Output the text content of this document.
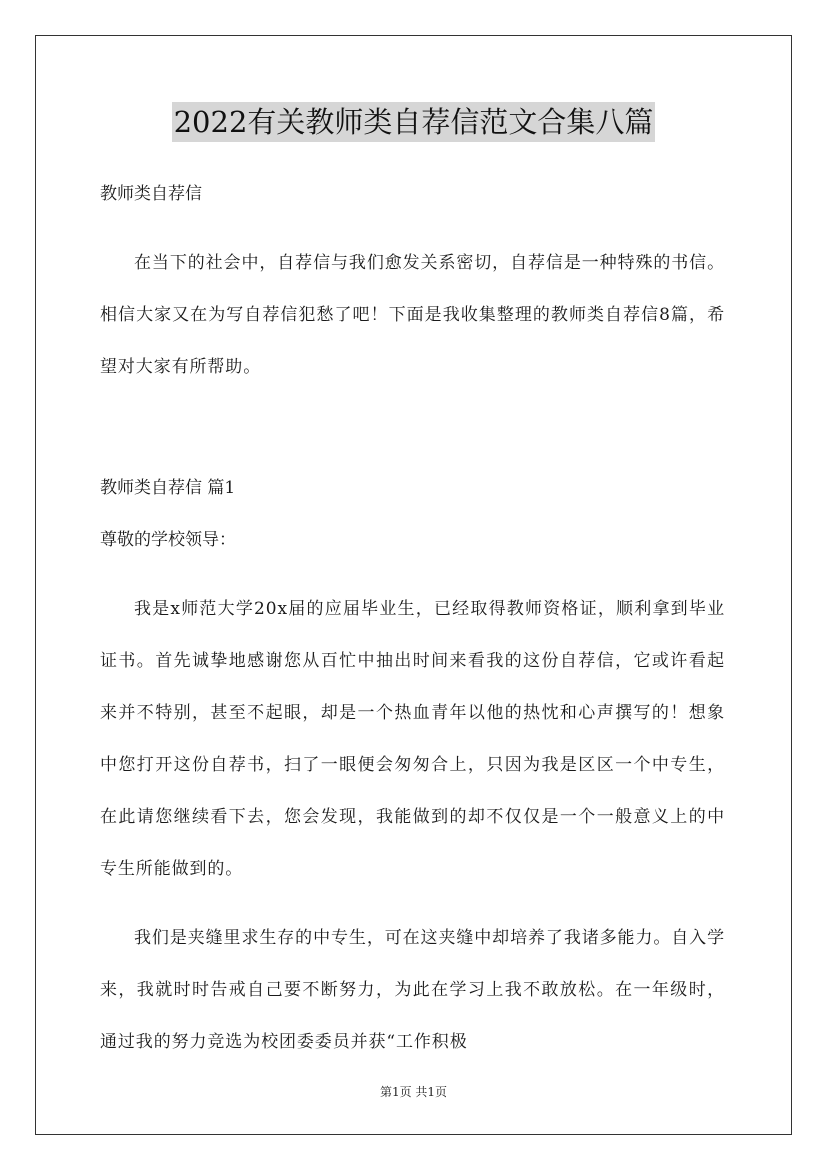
2022有关教师类自荐信范文合集八篇

教师类自荐信

在当下的社会中，自荐信与我们愈发关系密切，自荐信是一种特殊的书信。相信大家又在为写自荐信犯愁了吧！下面是我收集整理的教师类自荐信8篇，希望对大家有所帮助。

教师类自荐信 篇1

尊敬的学校领导：

我是x师范大学20x届的应届毕业生，已经取得教师资格证，顺利拿到毕业证书。首先诚挚地感谢您从百忙中抽出时间来看我的这份自荐信，它或许看起来并不特别，甚至不起眼，却是一个热血青年以他的热忱和心声撰写的！想象中您打开这份自荐书，扫了一眼便会匆匆合上，只因为我是区区一个中专生，在此请您继续看下去，您会发现，我能做到的却不仅仅是一个一般意义上的中专生所能做到的。

我们是夹缝里求生存的中专生，可在这夹缝中却培养了我诸多能力。自入学来，我就时时告戒自己要不断努力，为此在学习上我不敢放松。在一年级时，通过我的努力竞选为校团委委员并获“工作积极

第1页 共1页
